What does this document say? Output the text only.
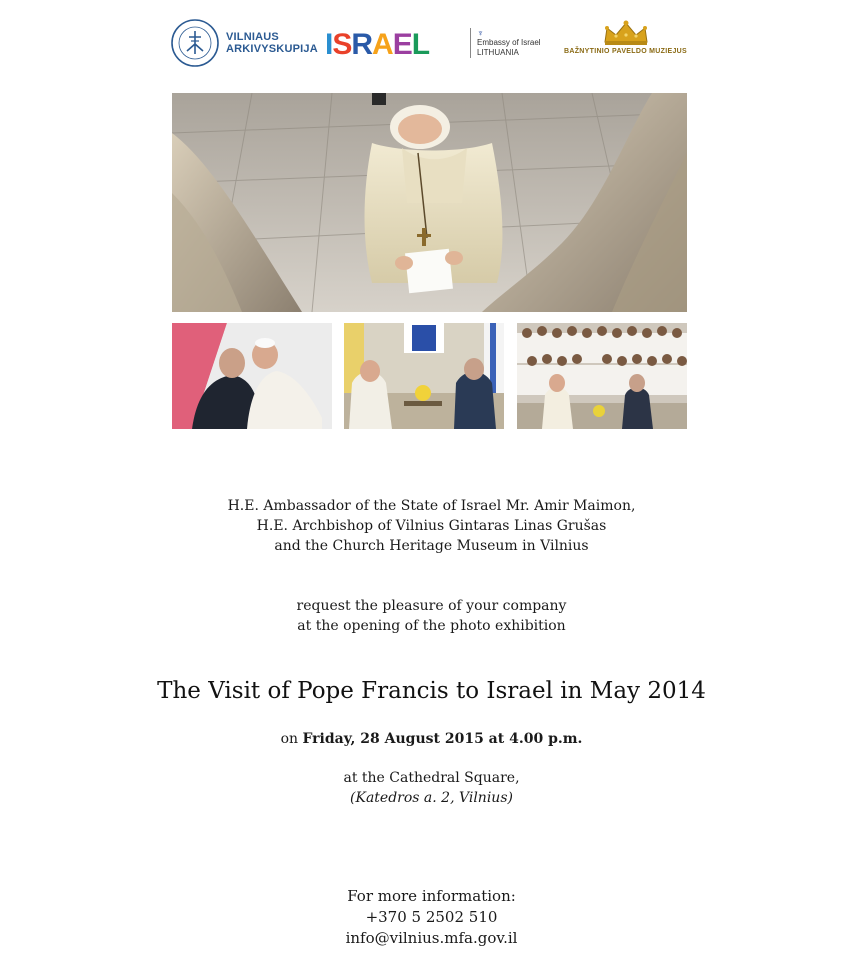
VILNIAUS
ARKIVYSKUPIJA ISRAEL	♆
Embassy of Israel
LITHUANIA	BAŽNYTINIO PAVELDO MUZIEJUS
H.E. Ambassador of the State of Israel Mr. Amir Maimon,
H.E. Archbishop of Vilnius Gintaras Linas Grušas
and the Church Heritage Museum in Vilnius
request the pleasure of your company
at the opening of the photo exhibition
The Visit of Pope Francis to Israel in May 2014
on Friday, 28 August 2015 at 4.00 p.m.
at the Cathedral Square,
(Katedros a. 2, Vilnius)
For more information:
+370 5 2502 510
info@vilnius.mfa.gov.il
